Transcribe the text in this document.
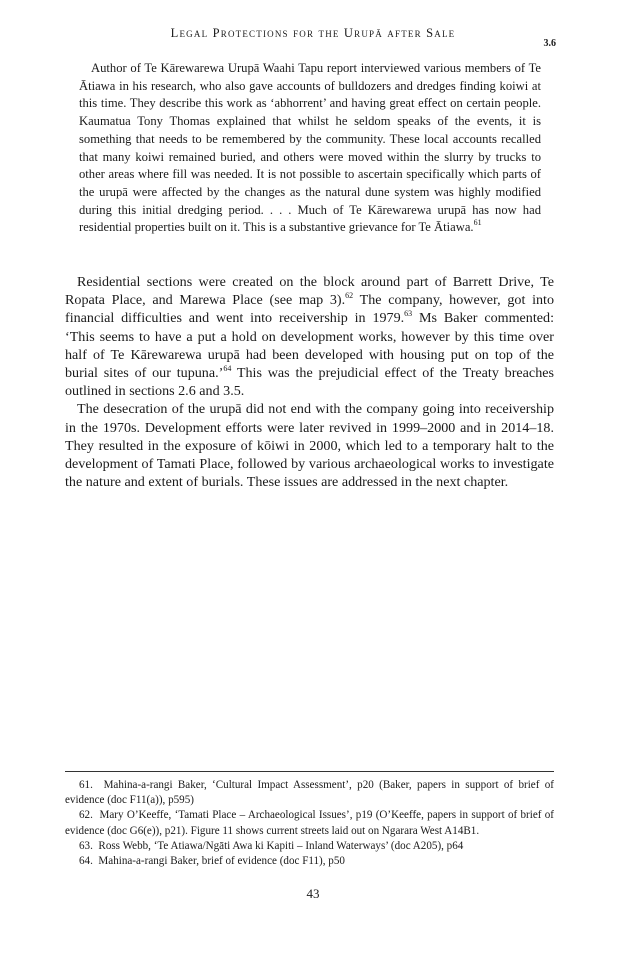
Legal Protections for the Urupā after Sale
3.6

Author of Te Kārewarewa Urupā Waahi Tapu report interviewed various members of Te Ātiawa in his research, who also gave accounts of bulldozers and dredges finding koiwi at this time. They describe this work as ‘abhorrent’ and having great effect on certain people. Kaumatua Tony Thomas explained that whilst he seldom speaks of the events, it is something that needs to be remembered by the community. These local accounts recalled that many koiwi remained buried, and others were moved within the slurry by trucks to other areas where fill was needed. It is not possible to ascertain specifically which parts of the urupā were affected by the changes as the natural dune system was highly modified during this initial dredging period. . . . Much of Te Kārewarewa urupā has now had residential properties built on it. This is a substantive grievance for Te Ātiawa.$^{61}$

Residential sections were created on the block around part of Barrett Drive, Te Ropata Place, and Marewa Place (see map 3).$^{62}$ The company, however, got into financial difficulties and went into receivership in 1979.63 Ms Baker commented: ‘This seems to have a put a hold on development works, however by this time over half of Te Kārewarewa urupā had been developed with housing put on top of the burial sites of our tupuna.’$^{64}$ This was the prejudicial effect of the Treaty breaches outlined in sections 2.6 and 3.5.

The desecration of the urupā did not end with the company going into receivership in the 1970s. Development efforts were later revived in 1999–2000 and in 2014–18. They resulted in the exposure of kōiwi in 2000, which led to a temporary halt to the development of Tamati Place, followed by various archaeological works to investigate the nature and extent of burials. These issues are addressed in the next chapter.

61. Mahina-a-rangi Baker, ‘Cultural Impact Assessment’, p20 (Baker, papers in support of brief of evidence (doc F11(a)), p595)

62. Mary O’Keeffe, ‘Tamati Place – Archaeological Issues’, p19 (O’Keeffe, papers in support of brief of evidence (doc G6(e)), p21). Figure 11 shows current streets laid out on Ngarara West A14B1.

63. Ross Webb, ‘Te Atiawa/Ngāti Awa ki Kapiti – Inland Waterways’ (doc A205), p64

64. Mahina-a-rangi Baker, brief of evidence (doc F11), p50

43
